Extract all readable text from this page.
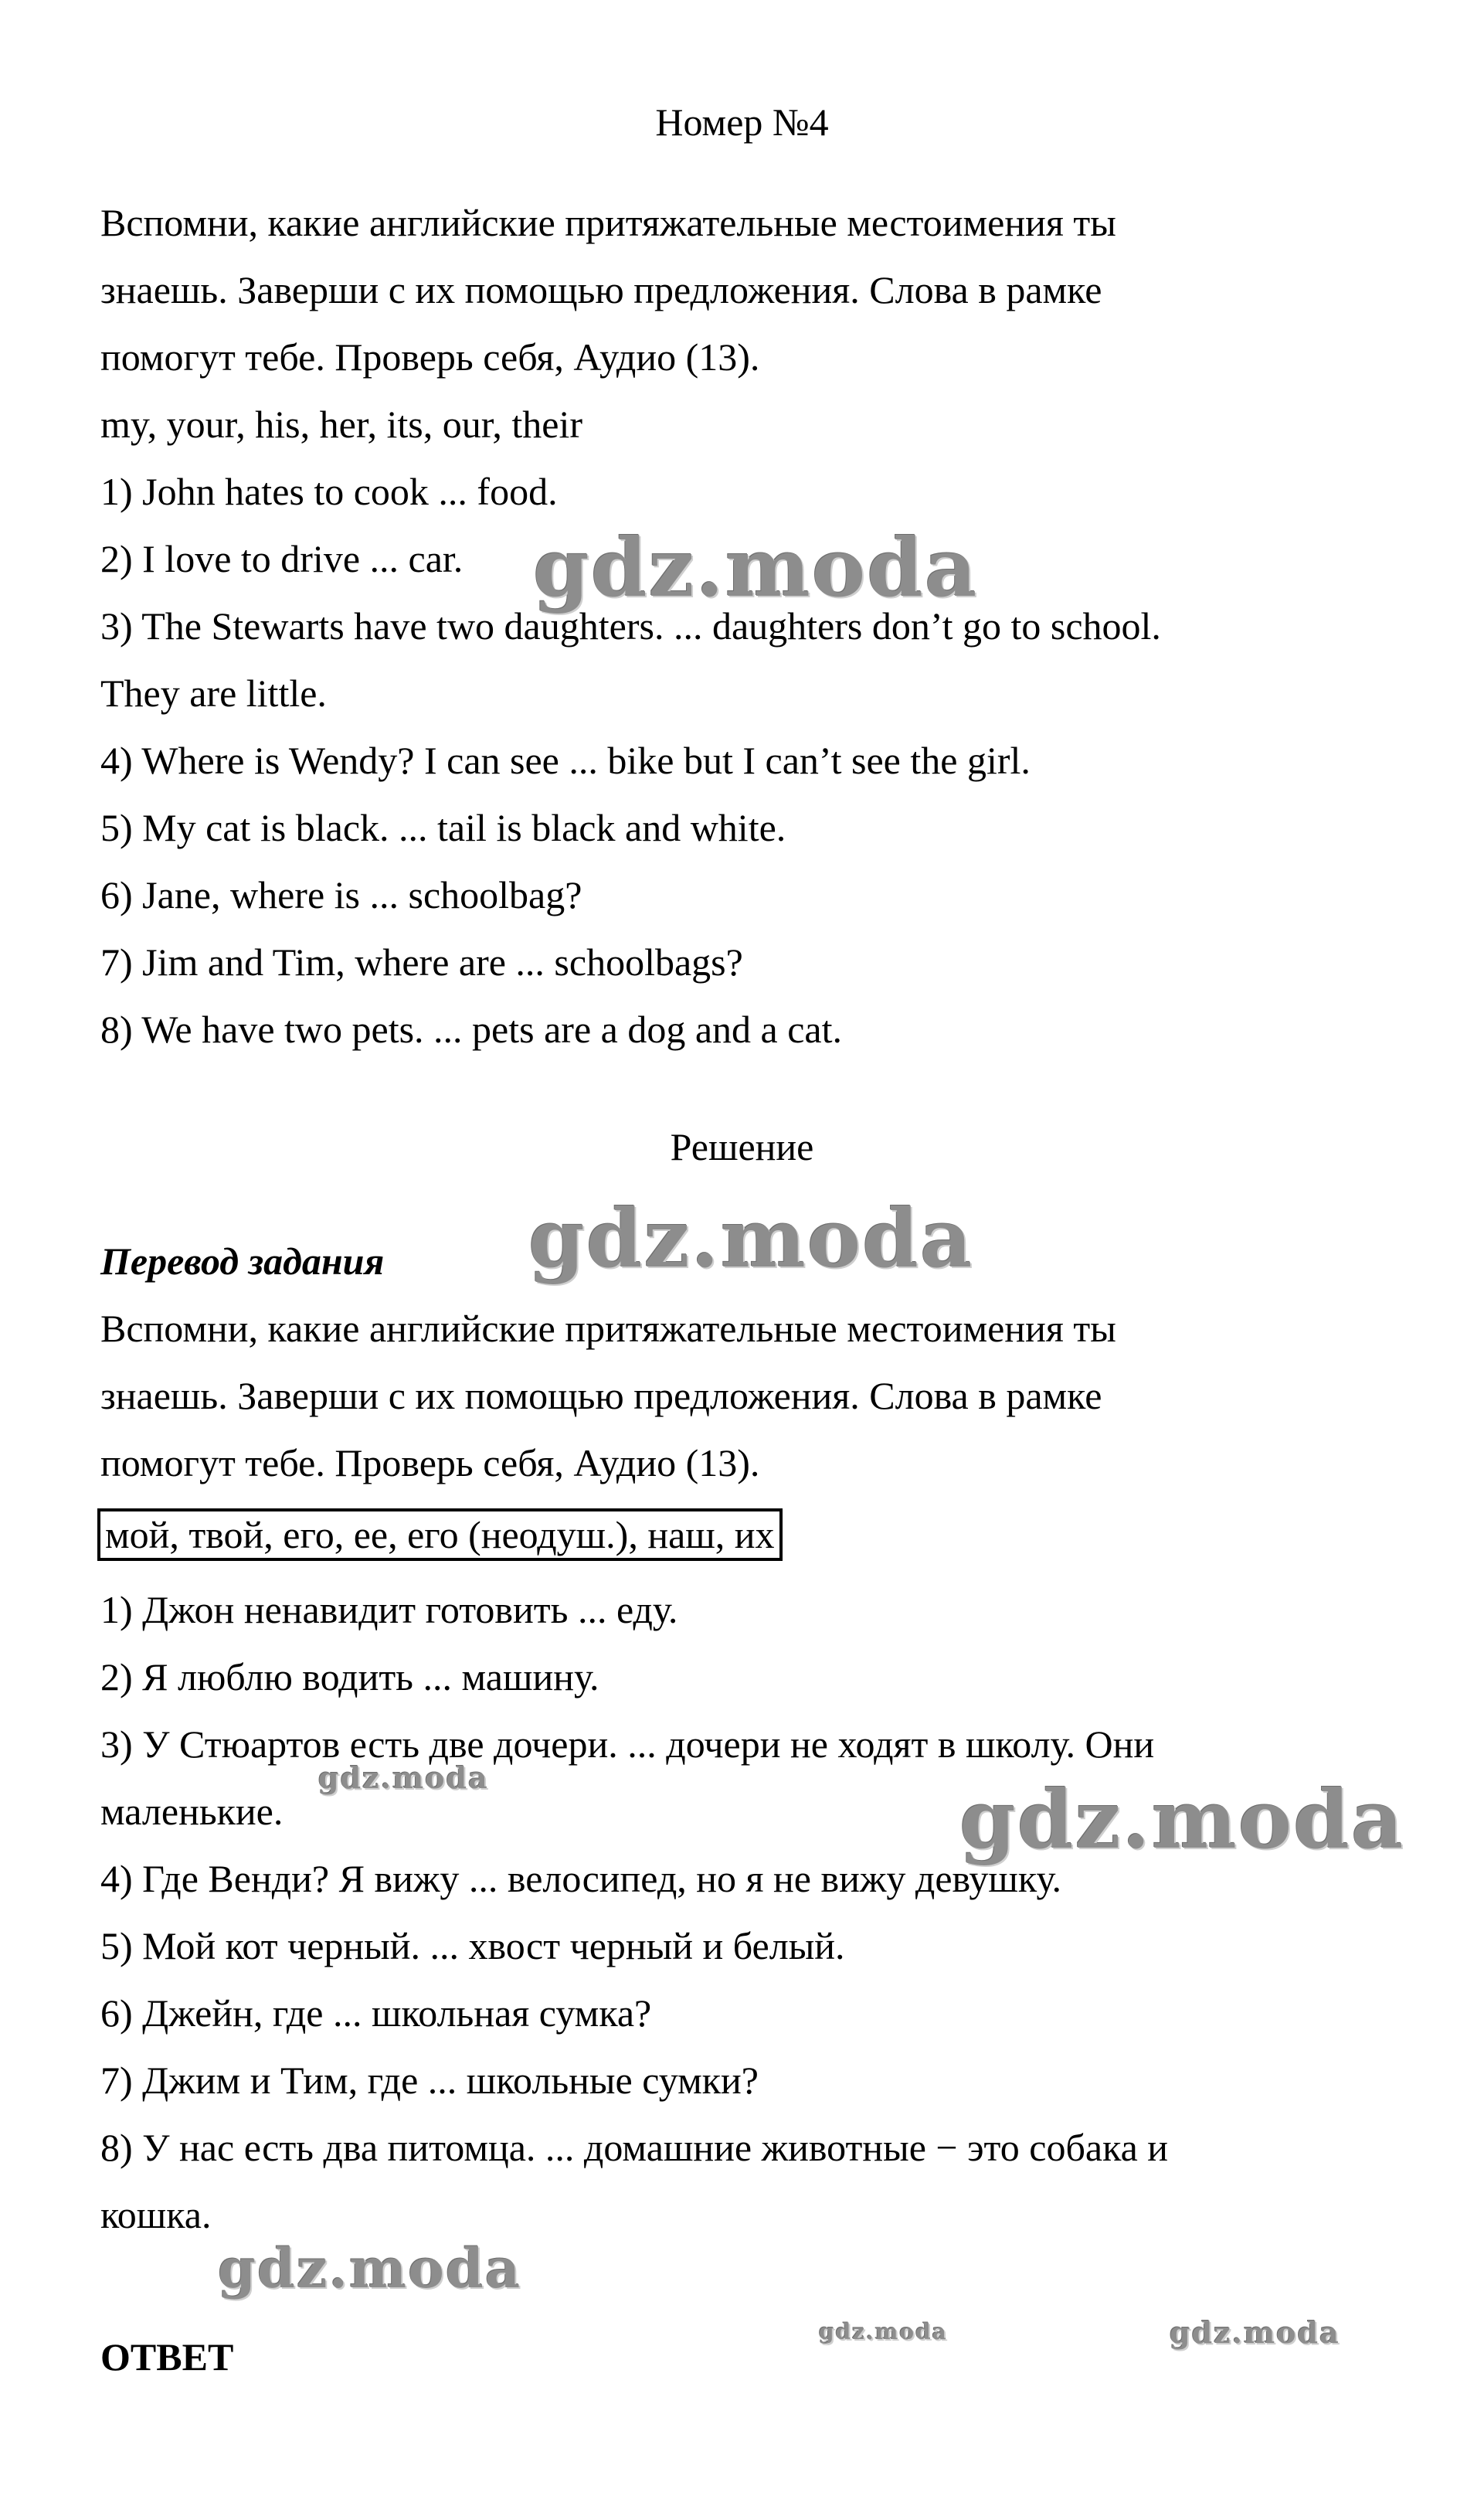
Номер №4
Вспомни, какие английские притяжательные местоимения ты
знаешь. Заверши с их помощью предложения. Слова в рамке
помогут тебе. Проверь себя, Аудио (13).
my, your, his, her, its, our, their
1) John hates to cook ... food.
2) I love to drive ... car.
3) The Stewarts have two daughters. ... daughters don’t go to school.
They are little.
4) Where is Wendy? I can see ... bike but I can’t see the girl.
5) My cat is black. ... tail is black and white.
6) Jane, where is ... schoolbag?
7) Jim and Tim, where are ... schoolbags?
8) We have two pets. ... pets are a dog and a cat.
Решение
Перевод задания
Вспомни, какие английские притяжательные местоимения ты
знаешь. Заверши с их помощью предложения. Слова в рамке
помогут тебе. Проверь себя, Аудио (13).
мой, твой, его, ее, его (неодуш.), наш, их
1) Джон ненавидит готовить ... еду.
2) Я люблю водить ... машину.
3) У Стюартов есть две дочери. ... дочери не ходят в школу. Они
маленькие.
4) Где Венди? Я вижу ... велосипед, но я не вижу девушку.
5) Мой кот черный. ... хвост черный и белый.
6) Джейн, где ... школьная сумка?
7) Джим и Тим, где ... школьные сумки?
8) У нас есть два питомца. ... домашние животные − это собака и
кошка.
ОТВЕТ
gdz.moda
gdz.moda
gdz.moda	gdz.moda
gdz.moda
gdz.moda	gdz.moda
